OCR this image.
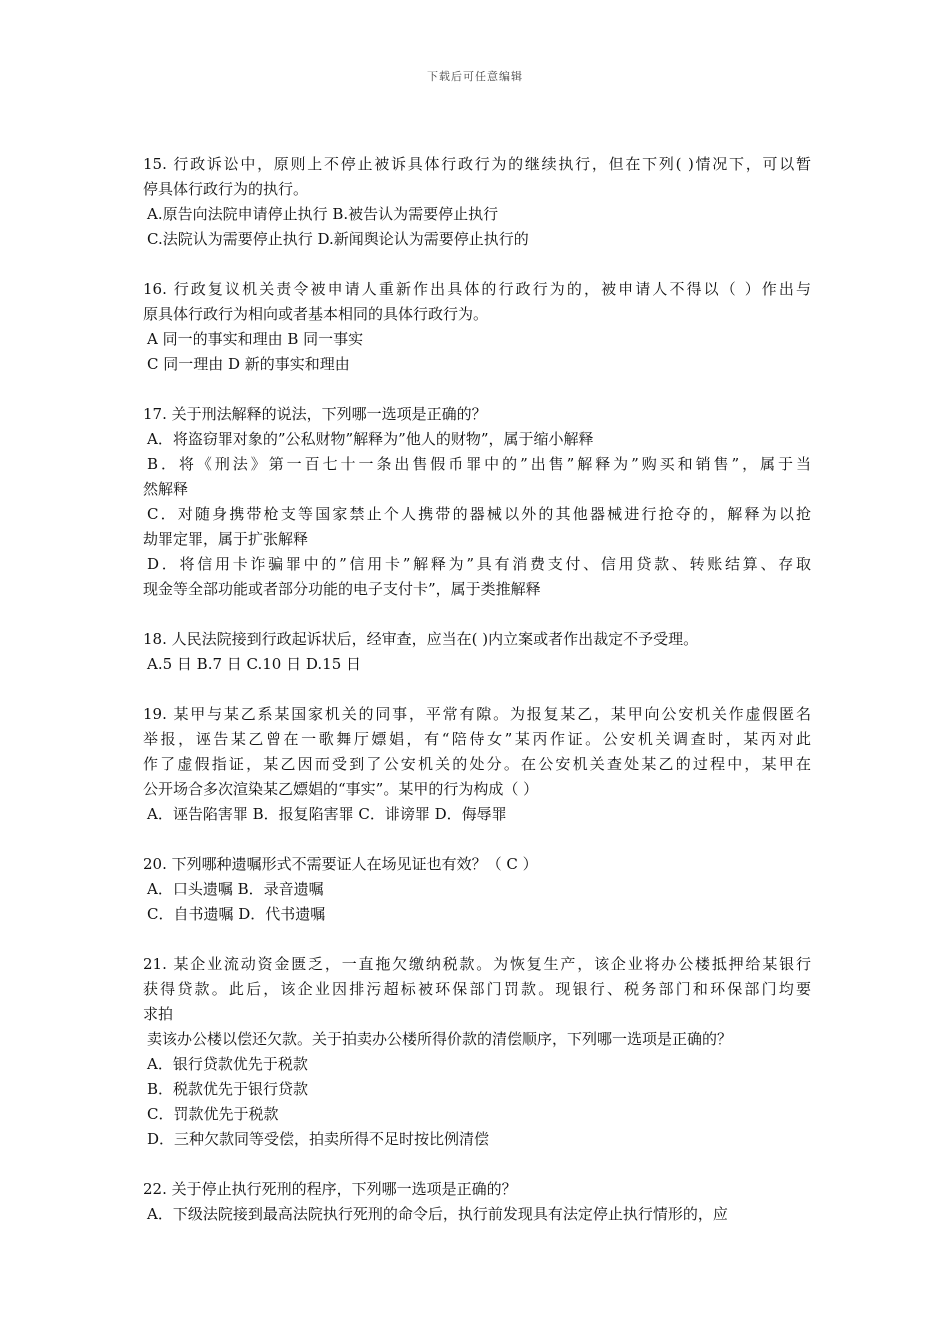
下载后可任意编辑
15. 行政诉讼中，原则上不停止被诉具体行政行为的继续执行，但在下列( )情况下，可以暂
停具体行政行为的执行。
A.原告向法院申请停止执行 B.被告认为需要停止执行
C.法院认为需要停止执行 D.新闻舆论认为需要停止执行的
16. 行政复议机关责令被申请人重新作出具体的行政行为的，被申请人不得以（ ）作出与
原具体行政行为相向或者基本相同的具体行政行为。
A 同一的事实和理由 B 同一事实
C 同一理由 D 新的事实和理由
17. 关于刑法解释的说法，下列哪一选项是正确的？
A．将盗窃罪对象的”公私财物”解释为”他人的财物”，属于缩小解释
B．将《刑法》第一百七十一条出售假币罪中的”出售”解释为”购买和销售”，属于当
然解释
C．对随身携带枪支等国家禁止个人携带的器械以外的其他器械进行抢夺的，解释为以抢
劫罪定罪，属于扩张解释
D．将信用卡诈骗罪中的”信用卡”解释为”具有消费支付、信用贷款、转账结算、存取
现金等全部功能或者部分功能的电子支付卡”，属于类推解释
18. 人民法院接到行政起诉状后，经审查，应当在( )内立案或者作出裁定不予受理。
A.5 日 B.7 日 C.10 日 D.15 日
19. 某甲与某乙系某国家机关的同事，平常有隙。为报复某乙，某甲向公安机关作虚假匿名
举报，诬告某乙曾在一歌舞厅嫖娼，有“陪侍女”某丙作证。公安机关调查时，某丙对此
作了虚假指证，某乙因而受到了公安机关的处分。在公安机关查处某乙的过程中，某甲在
公开场合多次渲染某乙嫖娼的“事实”。某甲的行为构成（ ）
A．诬告陷害罪 B．报复陷害罪 C．诽谤罪 D．侮辱罪
20. 下列哪种遗嘱形式不需要证人在场见证也有效？（ C ）
A．口头遗嘱 B．录音遗嘱
C．自书遗嘱 D．代书遗嘱
21. 某企业流动资金匮乏，一直拖欠缴纳税款。为恢复生产，该企业将办公楼抵押给某银行
获得贷款。此后，该企业因排污超标被环保部门罚款。现银行、税务部门和环保部门均要
求拍
卖该办公楼以偿还欠款。关于拍卖办公楼所得价款的清偿顺序，下列哪一选项是正确的？
A．银行贷款优先于税款
B．税款优先于银行贷款
C．罚款优先于税款
D．三种欠款同等受偿，拍卖所得不足时按比例清偿
22. 关于停止执行死刑的程序，下列哪一选项是正确的？
A．下级法院接到最高法院执行死刑的命令后，执行前发现具有法定停止执行情形的，应
